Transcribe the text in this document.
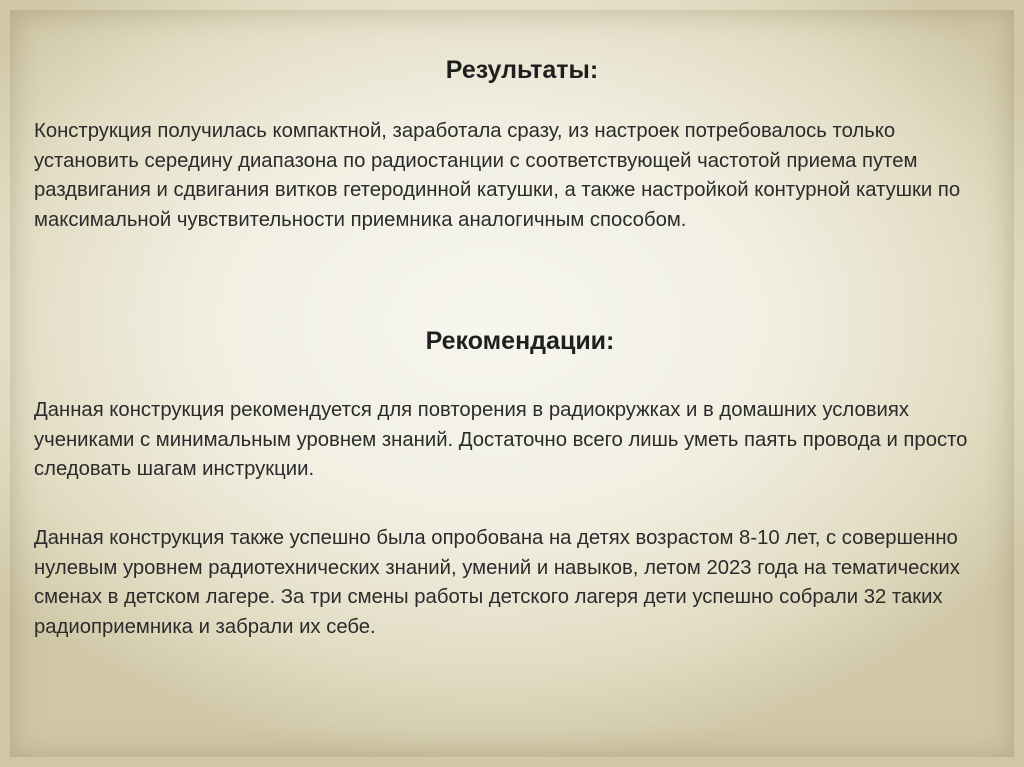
Результаты:

Конструкция получилась компактной, заработала сразу, из настроек потребовалось только установить середину диапазона по радиостанции с соответствующей частотой приема путем раздвигания и сдвигания витков гетеродинной катушки, а также настройкой контурной катушки по максимальной чувствительности приемника аналогичным способом.

Рекомендации:

Данная конструкция рекомендуется для повторения в радиокружках и в домашних условиях учениками с минимальным уровнем знаний. Достаточно всего лишь уметь паять провода и просто следовать шагам инструкции.

Данная конструкция также успешно была опробована на детях возрастом 8-10 лет, с совершенно нулевым уровнем радиотехнических знаний, умений и навыков, летом 2023 года на тематических сменах в детском лагере. За три смены работы детского лагеря дети успешно собрали 32 таких радиоприемника и забрали их себе.
